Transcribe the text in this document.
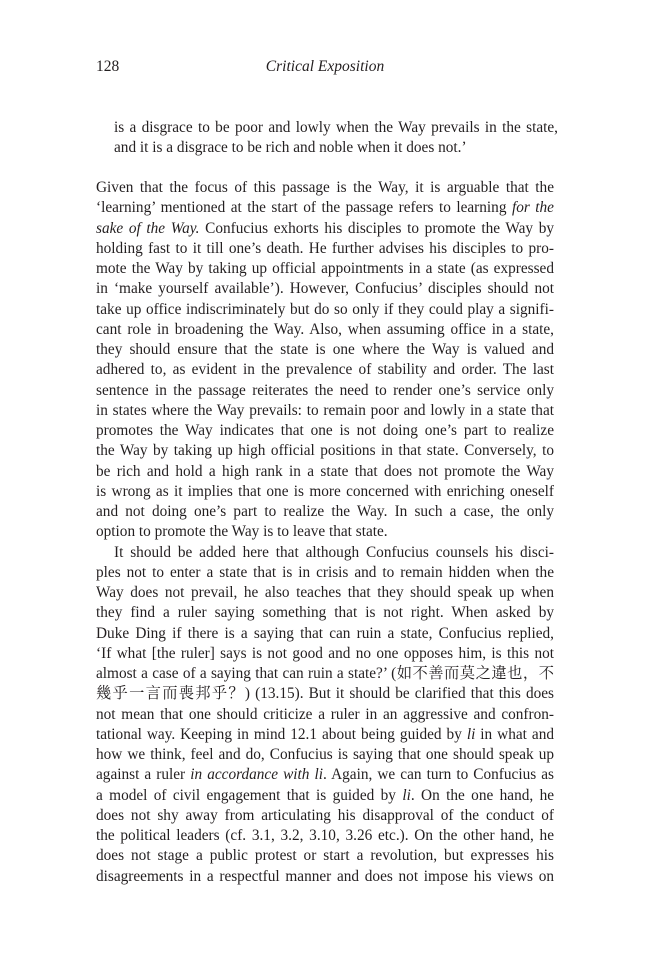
128	Critical Exposition
is a disgrace to be poor and lowly when the Way prevails in the state,
and it is a disgrace to be rich and noble when it does not.’
Given that the focus of this passage is the Way, it is arguable that the
‘learning’ mentioned at the start of the passage refers to learning for the
sake of the Way. Confucius exhorts his disciples to promote the Way by
holding fast to it till one’s death. He further advises his disciples to pro-
mote the Way by taking up official appointments in a state (as expressed
in ‘make yourself available’). However, Confucius’ disciples should not
take up office indiscriminately but do so only if they could play a signifi-
cant role in broadening the Way. Also, when assuming office in a state,
they should ensure that the state is one where the Way is valued and
adhered to, as evident in the prevalence of stability and order. The last
sentence in the passage reiterates the need to render one’s service only
in states where the Way prevails: to remain poor and lowly in a state that
promotes the Way indicates that one is not doing one’s part to realize
the Way by taking up high official positions in that state. Conversely, to
be rich and hold a high rank in a state that does not promote the Way
is wrong as it implies that one is more concerned with enriching oneself
and not doing one’s part to realize the Way. In such a case, the only
option to promote the Way is to leave that state.
It should be added here that although Confucius counsels his disci-
ples not to enter a state that is in crisis and to remain hidden when the
Way does not prevail, he also teaches that they should speak up when
they find a ruler saying something that is not right. When asked by
Duke Ding if there is a saying that can ruin a state, Confucius replied,
‘If what [the ruler] says is not good and no one opposes him, is this not
almost a case of a saying that can ruin a state?’ (如不善而莫之違也，不
幾乎一言而喪邦乎？) (13.15). But it should be clarified that this does
not mean that one should criticize a ruler in an aggressive and confron-
tational way. Keeping in mind 12.1 about being guided by li in what and
how we think, feel and do, Confucius is saying that one should speak up
against a ruler in accordance with li. Again, we can turn to Confucius as
a model of civil engagement that is guided by li. On the one hand, he
does not shy away from articulating his disapproval of the conduct of
the political leaders (cf. 3.1, 3.2, 3.10, 3.26 etc.). On the other hand, he
does not stage a public protest or start a revolution, but expresses his
disagreements in a respectful manner and does not impose his views on
